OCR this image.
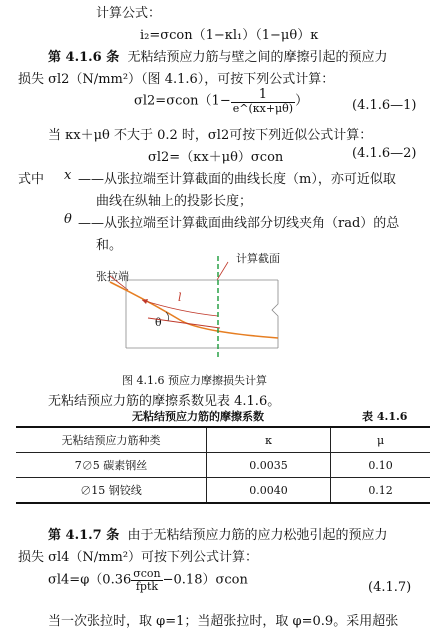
计算公式：
i₂=σcon（1−κl₁）（1−μθ）κ
第 4.1.6 条 无粘结预应力筋与壁之间的摩擦引起的预应力
损失 σl2（N/mm²）（图 4.1.6），可按下列公式计算：
$\sigma l2=\sigma con(1- \frac{1}{e\^{}(\kappa x+\mu\theta)}$ ）	(4.1.6—1)
当 κx＋μθ 不大于 0.2 时，σl2可按下列近似公式计算：
σl2=（κx＋μθ）σcon	(4.1.6—2)
式中 x ——从张拉端至计算截面的曲线长度（m），亦可近似取
曲线在纵轴上的投影长度；
θ ——从张拉端至计算截面曲线部分切线夹角（rad）的总
和。
计算截面
张拉端
l
θ
图 4.1.6 预应力摩擦损失计算
无粘结预应力筋的摩擦系数见表 4.1.6。
无粘结预应力筋的摩擦系数	表 4.1.6
无粘结预应力筋种类	κ	μ
7∅5 碳素钢丝	0.0035	0.10
∅15 钢铰线	0.0040	0.12
第 4.1.7 条 由于无粘结预应力筋的应力松弛引起的预应力
损失 σl4（N/mm²）可按下列公式计算：
$\sigma l4=\varphi(0.36 \frac{\text{σcon}}{\text{fptk}} -0.18)\sigma con$	(4.1.7)
当一次张拉时，取 φ=1；当超张拉时，取 φ=0.9。采用超张
